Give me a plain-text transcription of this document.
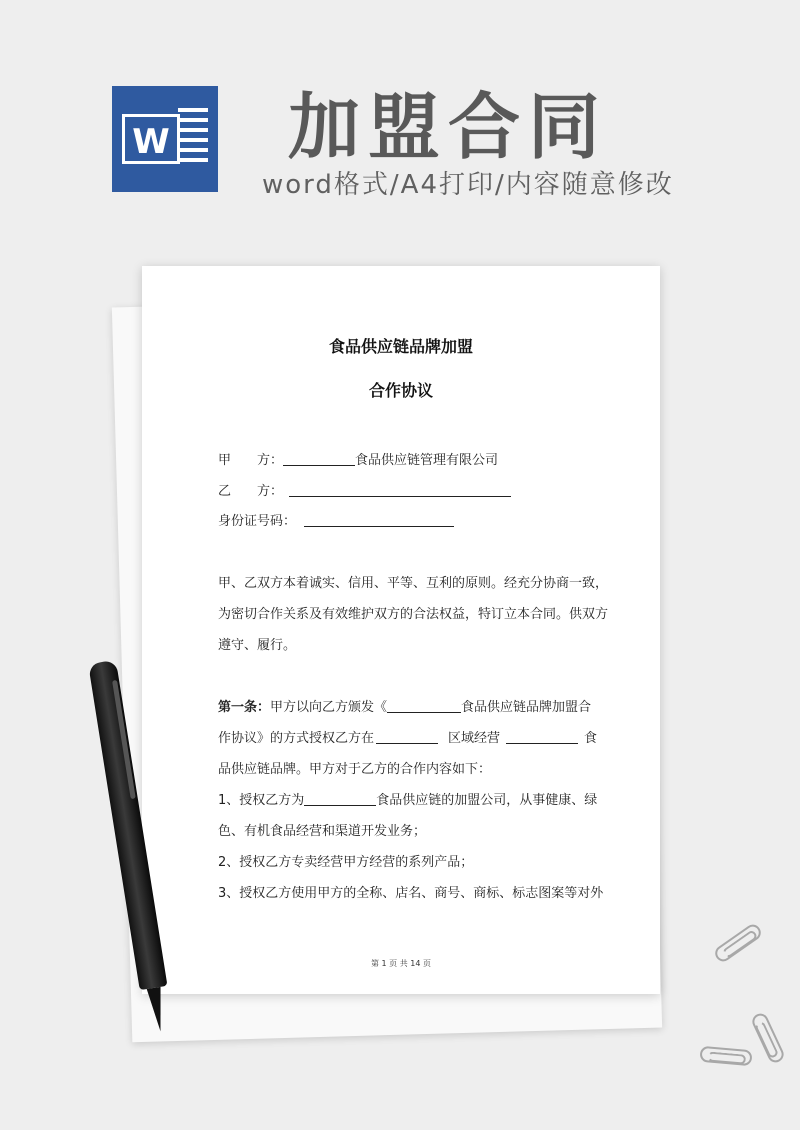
W 加盟合同
word格式/A4打印/内容随意修改
食品供应链品牌加盟
合作协议
甲　　方：	食品供应链管理有限公司
乙　　方：
身份证号码：
甲、乙双方本着诚实、信用、平等、互利的原则。经充分协商一致，
为密切合作关系及有效维护双方的合法权益，特订立本合同。供双方
遵守、履行。
第一条：甲方以向乙方颁发《	食品供应链品牌加盟合
作协议》的方式授权乙方在	区域经营	食
品供应链品牌。甲方对于乙方的合作内容如下：
1、授权乙方为	食品供应链的加盟公司，从事健康、绿
色、有机食品经营和渠道开发业务；
2、授权乙方专卖经营甲方经营的系列产品；
3、授权乙方使用甲方的全称、店名、商号、商标、标志图案等对外
第 1 页 共 14 页
